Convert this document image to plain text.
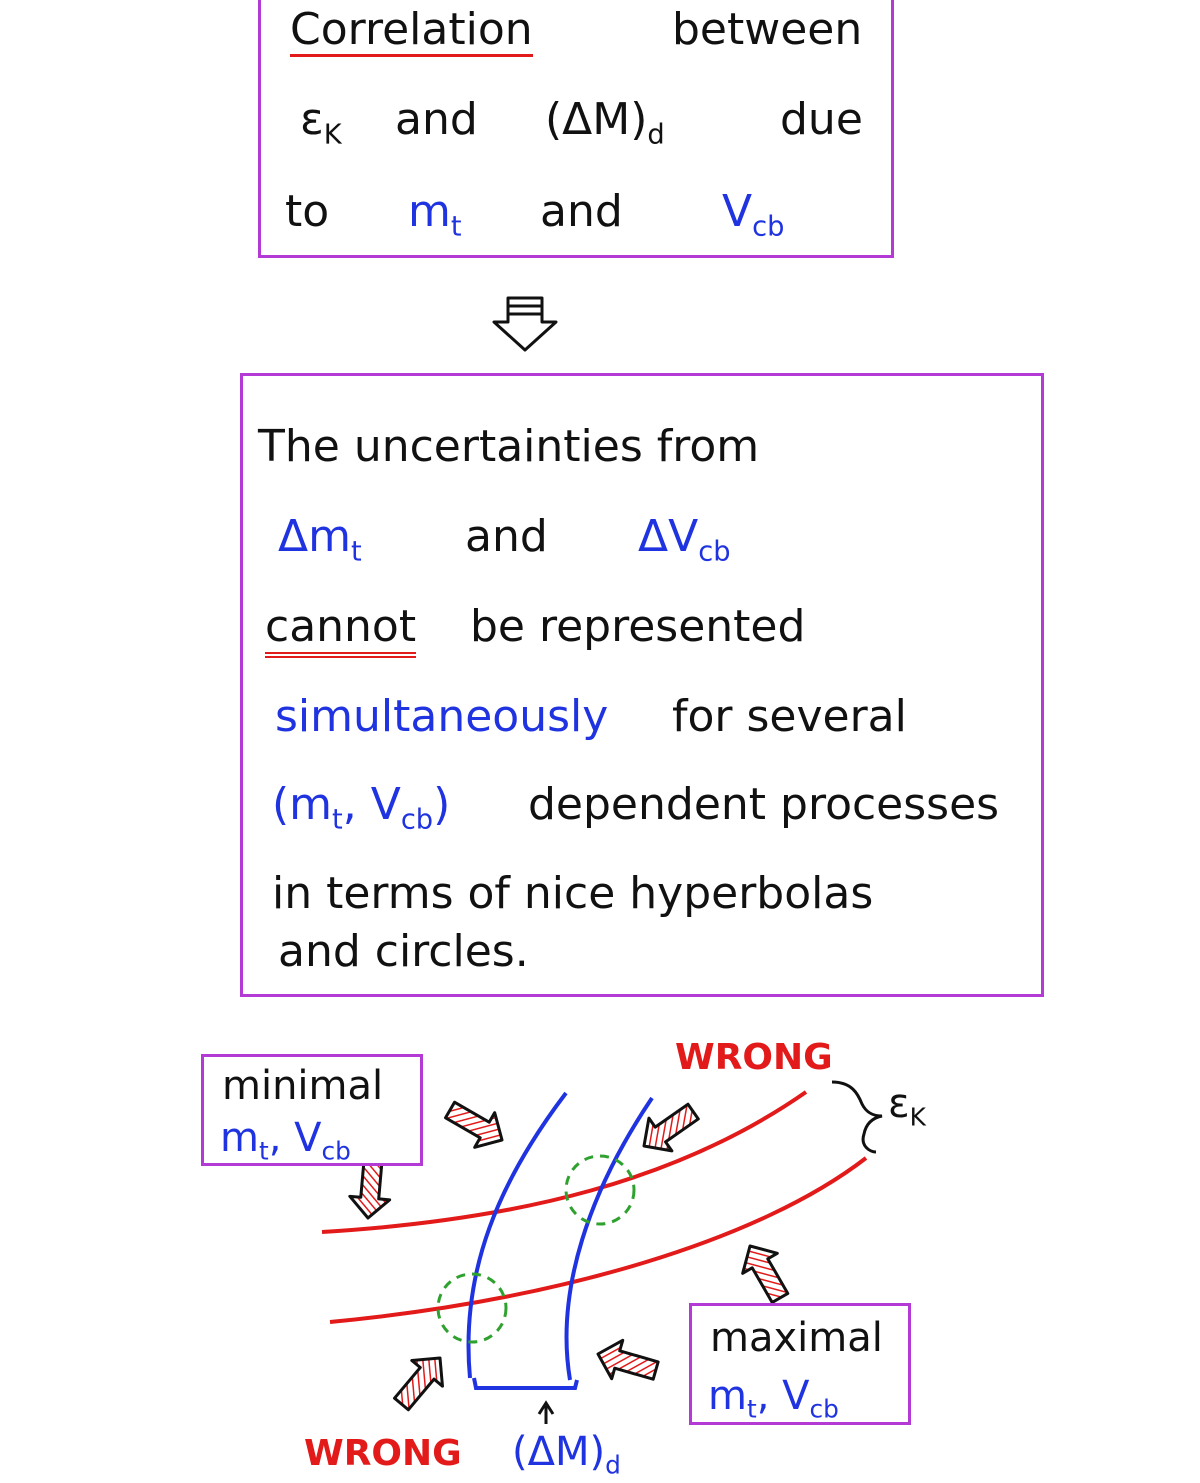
Correlation	between
$\varepsilon_K$ and $(\Delta M)_d$	due
to $m_t$ and $V_{cb}$
The uncertainties from
$\Delta m_t$ and $\Delta V_{cb}$
cannot be represented
simultaneously for several
($m_t$, $V_{cb}$) dependent processes
in terms of nice hyperbolas
and circles.
minimal
$m_t$, $V_{cb}$
maximal
$m_t$, $V_{cb}$
WRONG
WRONG
$\varepsilon_K$
$(\Delta M)_d$
